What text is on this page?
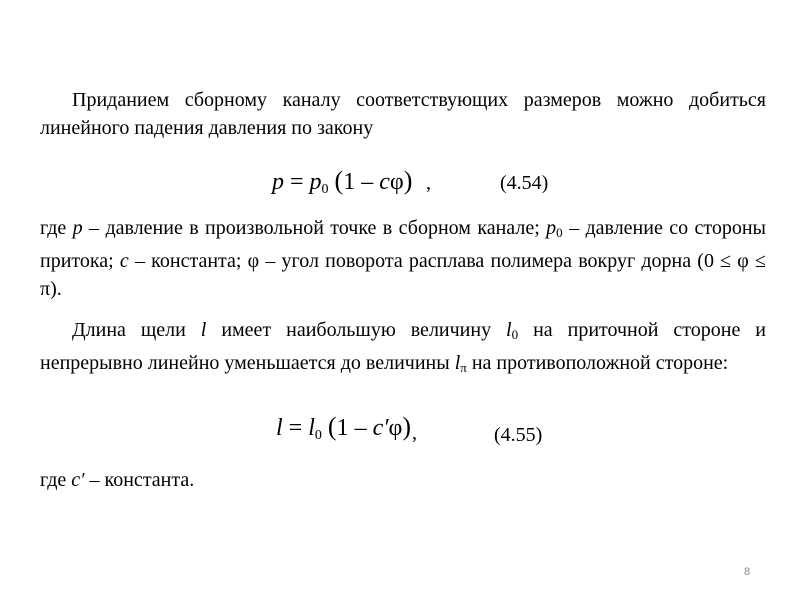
Приданием сборному каналу соответствующих размеров можно добиться линейного падения давления по закону

$p = p_0$ (1 – cφ) ,	(4.54)

где p – давление в произвольной точке в сборном канале; $p_0$ – давление со стороны притока; c – константа; φ – угол поворота расплава полимера вокруг дорна (0 ≤ φ ≤ π).

Длина щели l имеет наибольшую величину $l_0$ на приточной стороне и непрерывно линейно уменьшается до величины $l_\pi$ на противоположной стороне:

$l = l_0$ (1 – c′φ) ,	(4.55)

где c′ – константа.

8
